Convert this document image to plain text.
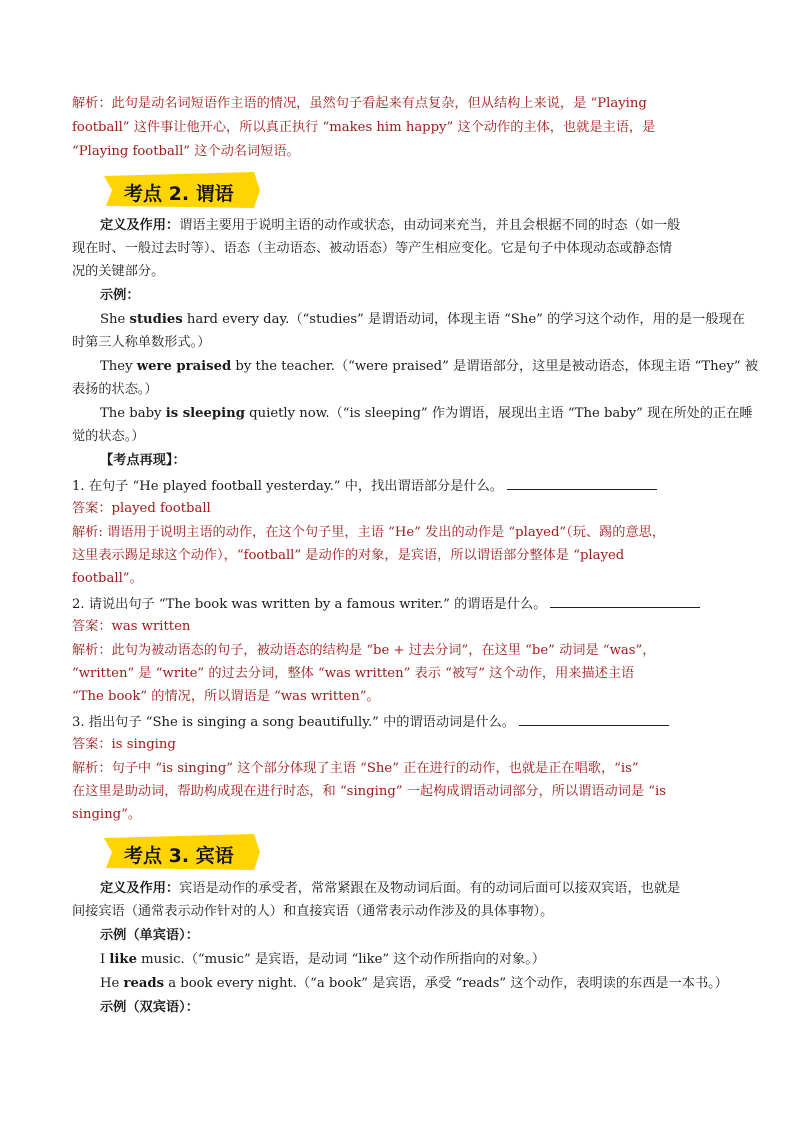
解析：此句是动名词短语作主语的情况，虽然句子看起来有点复杂，但从结构上来说，是 “Playing
football” 这件事让他开心，所以真正执行 “makes him happy” 这个动作的主体，也就是主语，是
“Playing football” 这个动名词短语。
考点 2. 谓语
定义及作用：谓语主要用于说明主语的动作或状态，由动词来充当，并且会根据不同的时态（如一般
现在时、一般过去时等）、语态（主动语态、被动语态）等产生相应变化。它是句子中体现动态或静态情
况的关键部分。
示例：
She studies hard every day.（“studies” 是谓语动词，体现主语 “She” 的学习这个动作，用的是一般现在
时第三人称单数形式。）
They were praised by the teacher.（“were praised” 是谓语部分，这里是被动语态，体现主语 “They” 被
表扬的状态。）
The baby is sleeping quietly now.（“is sleeping” 作为谓语，展现出主语 “The baby” 现在所处的正在睡
觉的状态。）
【考点再现】：
1. 在句子 “He played football yesterday.” 中，找出谓语部分是什么。
答案：played football
解析: 谓语用于说明主语的动作，在这个句子里，主语 “He” 发出的动作是 “played”（玩、踢的意思，
这里表示踢足球这个动作），“football” 是动作的对象，是宾语，所以谓语部分整体是 “played
football”。
2. 请说出句子 “The book was written by a famous writer.” 的谓语是什么。
答案：was written
解析：此句为被动语态的句子，被动语态的结构是 “be + 过去分词”，在这里 “be” 动词是 “was”，
“written” 是 “write” 的过去分词，整体 “was written” 表示 “被写” 这个动作，用来描述主语
“The book” 的情况，所以谓语是 “was written”。
3. 指出句子 “She is singing a song beautifully.” 中的谓语动词是什么。
答案：is singing
解析：句子中 “is singing” 这个部分体现了主语 “She” 正在进行的动作，也就是正在唱歌，“is”
在这里是助动词，帮助构成现在进行时态，和 “singing” 一起构成谓语动词部分，所以谓语动词是 “is
singing”。
考点 3. 宾语
定义及作用：宾语是动作的承受者，常常紧跟在及物动词后面。有的动词后面可以接双宾语，也就是
间接宾语（通常表示动作针对的人）和直接宾语（通常表示动作涉及的具体事物）。
示例（单宾语）：
I like music.（“music” 是宾语，是动词 “like” 这个动作所指向的对象。）
He reads a book every night.（“a book” 是宾语，承受 “reads” 这个动作，表明读的东西是一本书。）
示例（双宾语）：
